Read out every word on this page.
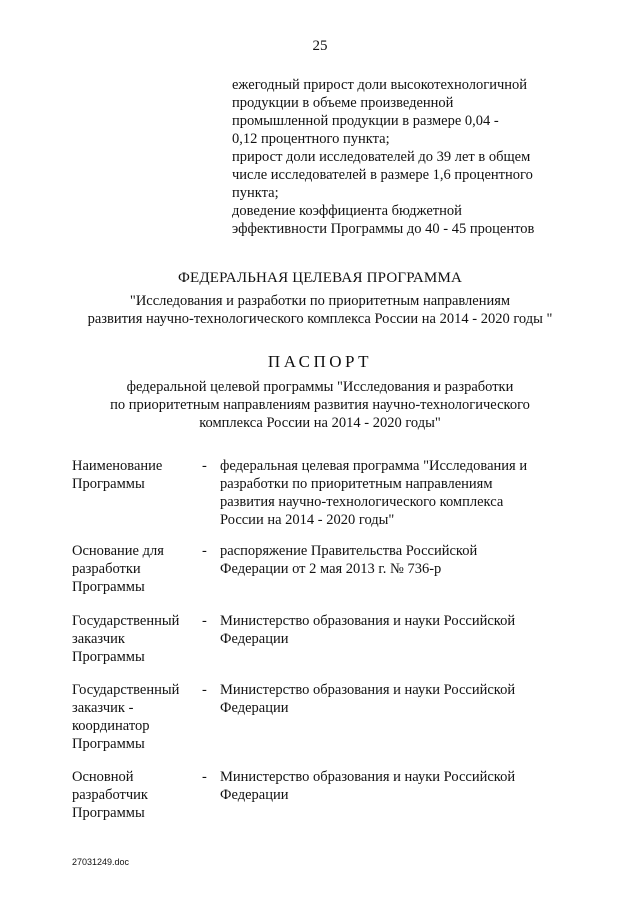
25
ежегодный прирост доли высокотехнологичной
продукции в объеме произведенной
промышленной продукции в размере 0,04 -
0,12 процентного пункта;
прирост доли исследователей до 39 лет в общем
числе исследователей в размере 1,6 процентного
пункта;
доведение коэффициента бюджетной
эффективности Программы до 40 - 45 процентов
ФЕДЕРАЛЬНАЯ ЦЕЛЕВАЯ ПРОГРАММА
"Исследования и разработки по приоритетным направлениям
развития научно-технологического комплекса России на 2014 - 2020 годы "
ПАСПОРТ
федеральной целевой программы "Исследования и разработки
по приоритетным направлениям развития научно-технологического
комплекса России на 2014 - 2020 годы"
Наименование
Программы
- федеральная целевая программа "Исследования и
разработки по приоритетным направлениям
развития научно-технологического комплекса
России на 2014 - 2020 годы"
Основание для
разработки
Программы
- распоряжение Правительства Российской
Федерации от 2 мая 2013 г. № 736-р
Государственный
заказчик
Программы
- Министерство образования и науки Российской
Федерации
Государственный
заказчик -
координатор
Программы
- Министерство образования и науки Российской
Федерации
Основной
разработчик
Программы
- Министерство образования и науки Российской
Федерации
27031249.doc
